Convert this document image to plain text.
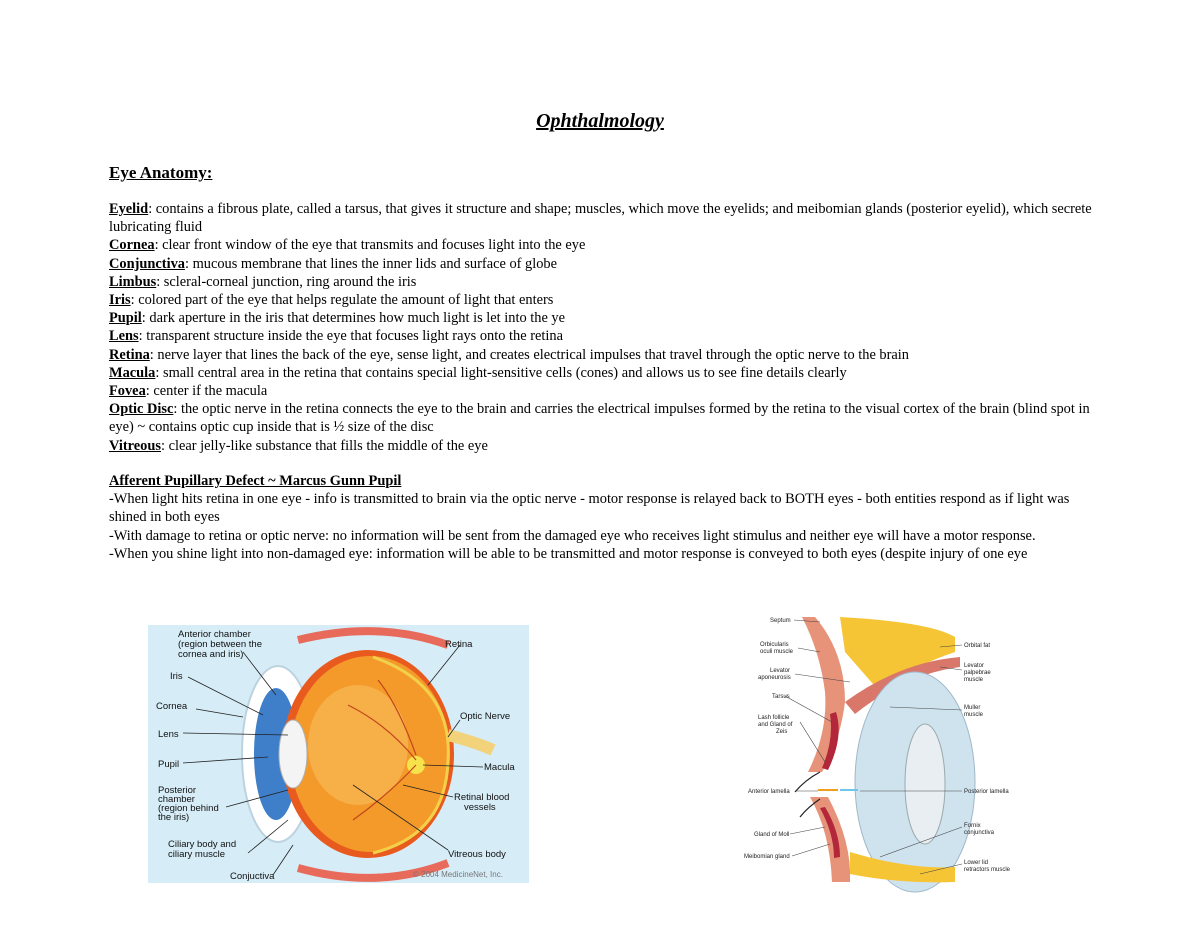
Ophthalmology
Eye Anatomy:

Eyelid: contains a fibrous plate, called a tarsus, that gives it structure and shape; muscles, which move the eyelids; and meibomian glands (posterior eyelid), which secrete lubricating fluid

Cornea: clear front window of the eye that transmits and focuses light into the eye

Conjunctiva: mucous membrane that lines the inner lids and surface of globe

Limbus: scleral-corneal junction, ring around the iris

Iris: colored part of the eye that helps regulate the amount of light that enters

Pupil: dark aperture in the iris that determines how much light is let into the ye

Lens: transparent structure inside the eye that focuses light rays onto the retina

Retina: nerve layer that lines the back of the eye, sense light, and creates electrical impulses that travel through the optic nerve to the brain

Macula: small central area in the retina that contains special light-sensitive cells (cones) and allows us to see fine details clearly

Fovea: center if the macula

Optic Disc: the optic nerve in the retina connects the eye to the brain and carries the electrical impulses formed by the retina to the visual cortex of the brain (blind spot in eye) ~ contains optic cup inside that is ½ size of the disc

Vitreous: clear jelly-like substance that fills the middle of the eye

Afferent Pupillary Defect ~ Marcus Gunn Pupil

-When light hits retina in one eye - info is transmitted to brain via the optic nerve - motor response is relayed back to BOTH eyes - both entities respond as if light was shined in both eyes

-With damage to retina or optic nerve: no information will be sent from the damaged eye who receives light stimulus and neither eye will have a motor response.

-When you shine light into non-damaged eye: information will be able to be transmitted and motor response is conveyed to both eyes (despite injury of one eye

Anterior chamber
(region between the
cornea and iris)
Iris
Cornea
Lens
Pupil
Posterior
chamber
(region behind
the iris)
Ciliary body and
ciliary muscle
Conjuctiva
Retina
Optic Nerve
Macula
Retinal blood
vessels
Vitreous body
© 2004 MedicineNet, Inc.
Septum
Orbicularis
oculi muscle
Levator
aponeurosis
Tarsus
Lash follicle
and Gland of
Zeis
Anterior lamella
Gland of Moll
Meibomian gland
Orbital fat
Levator
palpebrae
muscle
Muller
muscle
Posterior lamella
Fornix
conjunctiva
Lower lid
retractors muscle
